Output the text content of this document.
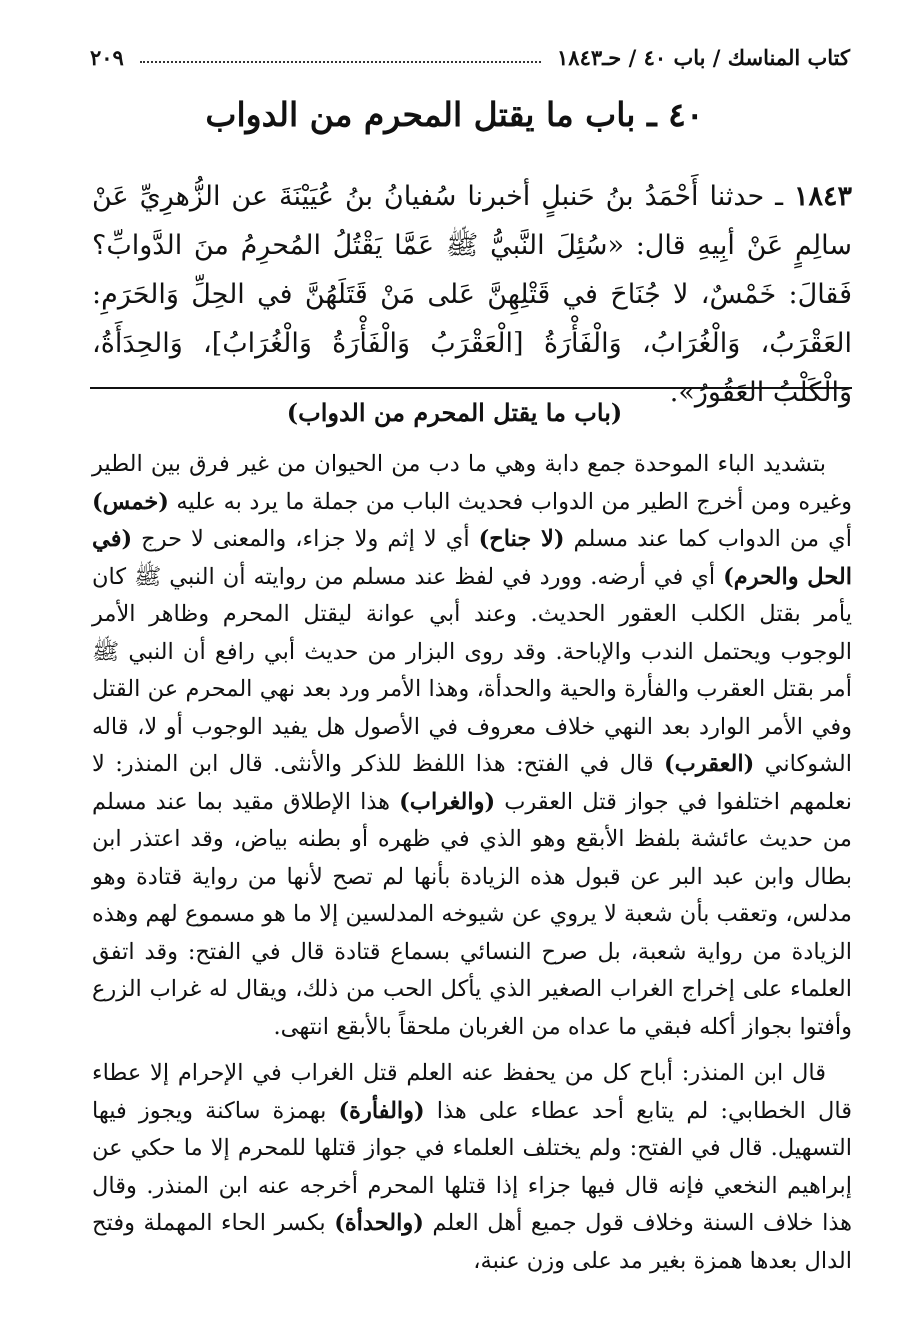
كتاب المناسك / باب ٤٠ / حـ١٨٤٣
٢٠٩
٤٠ ـ باب ما يقتل المحرم من الدواب
١٨٤٣ ـ حدثنا أَحْمَدُ بنُ حَنبلٍ أخبرنا سُفيانُ بنُ عُيَيْنَةَ عن الزُّهرِيِّ عَنْ سالِمٍ عَنْ أبِيهِ قال: «سُئِلَ النَّبيُّ ﷺ عَمَّا يَقْتُلُ المُحرِمُ منَ الدَّوابِّ؟ فَقالَ: خَمْسٌ، لا جُنَاحَ في قَتْلِهِنَّ عَلى مَنْ قَتَلَهُنَّ في الحِلِّ وَالحَرَمِ: العَقْرَبُ، وَالْغُرَابُ، وَالْفَأْرَةُ [الْعَقْرَبُ وَالْفَأْرَةُ وَالْغُرَابُ]، وَالحِدَأَةُ، وَالْكَلْبُ العَقُورُ».
(باب ما يقتل المحرم من الدواب)

بتشديد الباء الموحدة جمع دابة وهي ما دب من الحيوان من غير فرق بين الطير وغيره ومن أخرج الطير من الدواب فحديث الباب من جملة ما يرد به عليه (خمس) أي من الدواب كما عند مسلم (لا جناح) أي لا إثم ولا جزاء، والمعنى لا حرج (في الحل والحرم) أي في أرضه. وورد في لفظ عند مسلم من روايته أن النبي ﷺ كان يأمر بقتل الكلب العقور الحديث. وعند أبي عوانة ليقتل المحرم وظاهر الأمر الوجوب ويحتمل الندب والإباحة. وقد روى البزار من حديث أبي رافع أن النبي ﷺ أمر بقتل العقرب والفأرة والحية والحدأة، وهذا الأمر ورد بعد نهي المحرم عن القتل وفي الأمر الوارد بعد النهي خلاف معروف في الأصول هل يفيد الوجوب أو لا، قاله الشوكاني (العقرب) قال في الفتح: هذا اللفظ للذكر والأنثى. قال ابن المنذر: لا نعلمهم اختلفوا في جواز قتل العقرب (والغراب) هذا الإطلاق مقيد بما عند مسلم من حديث عائشة بلفظ الأبقع وهو الذي في ظهره أو بطنه بياض، وقد اعتذر ابن بطال وابن عبد البر عن قبول هذه الزيادة بأنها لم تصح لأنها من رواية قتادة وهو مدلس، وتعقب بأن شعبة لا يروي عن شيوخه المدلسين إلا ما هو مسموع لهم وهذه الزيادة من رواية شعبة، بل صرح النسائي بسماع قتادة قال في الفتح: وقد اتفق العلماء على إخراج الغراب الصغير الذي يأكل الحب من ذلك، ويقال له غراب الزرع وأفتوا بجواز أكله فبقي ما عداه من الغربان ملحقاً بالأبقع انتهى.

قال ابن المنذر: أباح كل من يحفظ عنه العلم قتل الغراب في الإحرام إلا عطاء قال الخطابي: لم يتابع أحد عطاء على هذا (والفأرة) بهمزة ساكنة ويجوز فيها التسهيل. قال في الفتح: ولم يختلف العلماء في جواز قتلها للمحرم إلا ما حكي عن إبراهيم النخعي فإنه قال فيها جزاء إذا قتلها المحرم أخرجه عنه ابن المنذر. وقال هذا خلاف السنة وخلاف قول جميع أهل العلم (والحدأة) بكسر الحاء المهملة وفتح الدال بعدها همزة بغير مد على وزن عنبة،
